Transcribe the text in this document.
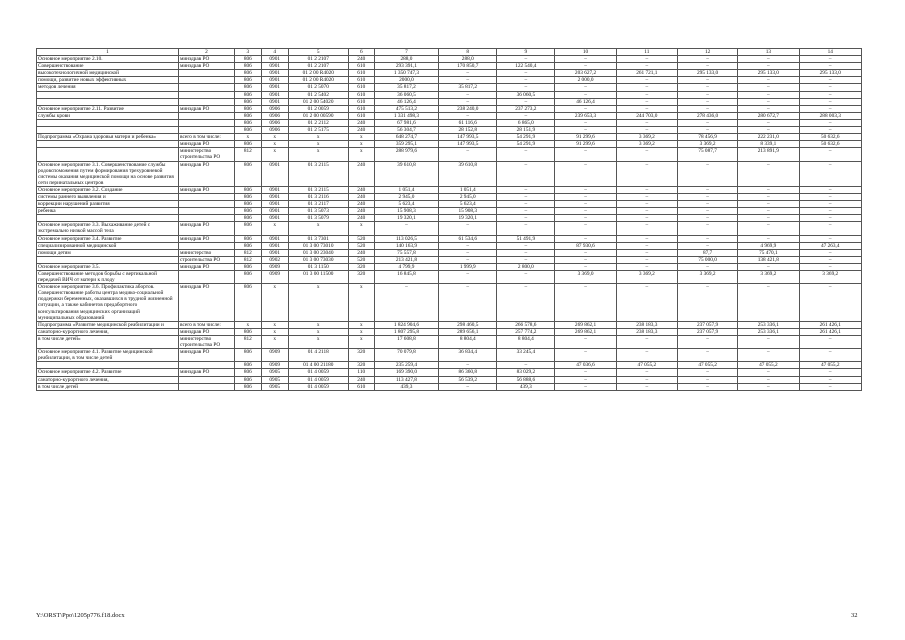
1	2	3	4	5	6	7	8	9	10	11	12	13	14
Основное мероприятие 2.10.	минздрав РО	806	0901	01 2 2107	240	288,0	288,0	–	–	–	–	–	–
Совершенствование	минздрав РО	806	0901	01 2 2107	610	293 391,1	170 850,7	122 540,4	–	–	–	–	–
высокотехнологичной медицинской		806	0901	01 2 00 R4020	610	1 350 747,3	–	–	203 627,2	261 721,1	295 133,0	295 133,0	295 133,0
помощи, развитие новых эффективных		806	0901	01 2 00 R4020	610	2000,0	–	–	2 000,0	–	–	–	–
методов лечения		806	0901	01 2 5070	610	35 817,2	35 817,2	–	–	–	–	–	–
		806	0901	01 2 5402	610	36 060,5	–	36 060,5	–	–	–	–	–
		806	0901	01 2 00 54020	610	46 126,4	–	–	46 126,4	–	–	–	–
Основное мероприятие 2.11. Развитие	минздрав РО	806	0906	01 2 0059	610	475 513,2	238 240,0	237 273,2	–	–	–	–	–
службы крови		806	0906	01 2 00 00590	610	1 331 498,3	–	–	239 653,3	244 703,0	278 436,0	280 672,7	288 003,3
		806	0906	01 2 2112	240	67 981,6	61 116,6	6 865,0	–	–	–	–	–
		806	0906	01 2 5175	240	56 304,7	28 152,8	28 151,9	–	–	–	–	–
Подпрограмма «Охрана здоровья матери и ребенка»	всего в том числе:	x	x	x	x	648 274,7	147 993,5	54 291,9	91 299,6	3 369,2	78 456,9	222 231,0	50 632,6
	минздрав РО	806	x	x	x	359 295,1	147 993,5	54 291,9	91 299,6	3 369,2	3 369,2	8 339,1	50 632,6
	министерство строительства РО	812	x	x	x	288 979,6	–	–	–	–	75 087,7	213 891,9	–
Основное мероприятие 3.1. Совершенствование службы родовспоможения путем формирования трехуровневой системы оказания медицинской помощи на основе развития сети перинатальных центров	минздрав РО	806	0901	01 3 2115	240	39 610,8	39 610,8	–	–	–	–	–	–
Основное мероприятие 3.2. Создание	минздрав РО	806	0901	01 3 2115	240	1 051,4	1 051,4	–	–	–	–	–	–
системы раннего выявления и		806	0901	01 3 2116	240	2 945,0	2 945,0	–	–	–	–	–	–
коррекции нарушений развития		806	0901	01 3 2117	240	5 623,4	5 623,4	–	–	–	–	–	–
ребенка		806	0901	01 3 5073	240	15 908,3	15 908,3	–	–	–	–	–	–
		806	0901	01 3 5079	240	19 320,1	19 320,1	–	–	–	–	–	–
Основное мероприятие 3.3. Выхаживание детей с экстремально низкой массой тела	минздрав РО	806	x	x	x	–	–	–	–	–	–	–	–
Основное мероприятие 3.4. Развитие	минздрав РО	806	0901	01 3 7301	520	113 026,5	61 534,6	51 491,9	–	–	–	–	–
специализированной медицинской		806	0901	01 3 00 73010	520	140 163,9	–	–	87 930,6	–	–	4 969,9	47 263,4
помощи детям	министерство	812	0901	01 3 00 23040	240	75 557,8	–	–	–	–	87,7	75 470,1	–
	строительства РО	812	0902	01 3 00 73030	520	213 421,8	–	–	–	–	75 000,0	138 421,8	–
Основное мероприятие 3.5.	минздрав РО	806	0909	01 3 1150	320	4 799,9	1 999,9	2 800,0	–	–	–	–	–
Совершенствование методов борьбы с вертикальной передачей ВИЧ от матери к плоду		806	0909	01 3 00 11500	320	16 845,8	–	–	3 369,0	3 369,2	3 369,2	3 369,2	3 369,2
Основное мероприятие 3.6. Профилактика абортов. Совершенствование работы центра медико-социальной поддержки беременных, оказавшихся в трудной жизненной ситуации, а также кабинетов предабортного консультирования медицинских организаций муниципальных образований	минздрав РО	806	x	x	x	–	–	–	–	–	–	–	–
Подпрограмма «Развитие медицинской реабилитации и	всего в том числе:	x	x	x	x	1 824 904,6	298 460,5	266 578,6	269 862,1	238 183,3	237 057,9	253 336,1	261 426,1
санаторно-курортного лечения,	минздрав РО	806	x	x	x	1 807 295,8	289 656,1	257 774,2	269 862,1	238 183,3	237 057,9	253 336,1	261 426,1
в том числе детей»	министерство строительства РО	812	x	x	x	17 608,8	8 804,4	8 804,4	–	–	–	–	–
Основное мероприятие 4.1. Развитие медицинской реабилитации, в том числе детей	минздрав РО	806	0909	01 4 2118	320	70 079,8	36 834,4	33 245,4	–	–	–	–	–
		806	0909	01 4 00 21180	320	235 259,4	–	–	47 036,6	47 055,2	47 055,2	47 055,2	47 055,2
Основное мероприятие 4.2. Развитие	минздрав РО	806	0905	01 4 0059	110	169 390,0	86 360,8	83 029,2	–	–	–	–	–
санаторно-курортного лечения,		806	0905	01 4 0059	240	113 427,8	56 539,2	56 888,6	–	–	–	–	–
в том числе детей		806	0905	01 4 0059	610	439,3	–	439,3	–	–	–	–	–
Y:\ORST\Ppo\1205p776.f18.docx	32
